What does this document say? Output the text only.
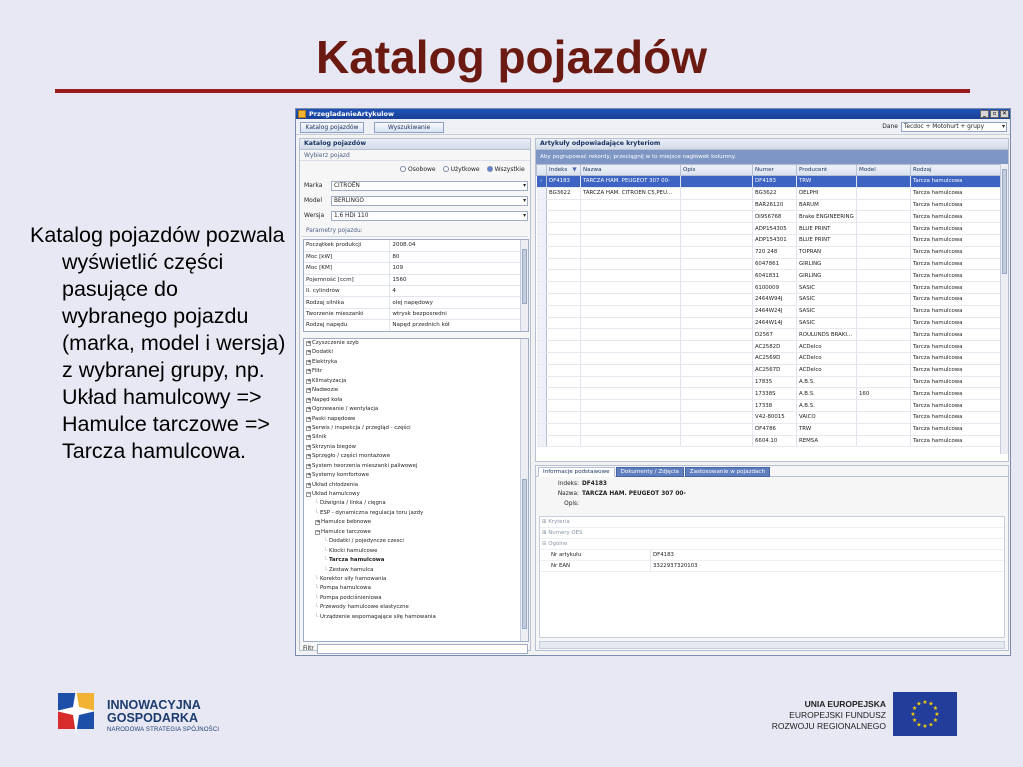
Katalog pojazdów
Katalog pojazdów pozwala wyświetlić części pasujące do wybranego pojazdu (marka, model i wersja) z wybranej grupy, np. Układ hamulcowy => Hamulce tarczowe => Tarcza hamulcowa.
PrzegladanieArtykulow	_	▫ ✕
Katalog pojazdów	Wyszukiwanie	Dane	Tecdoc + Motohurt + grupy	▾
Katalog pojazdów
Wybierz pojazd
Osobowe	Użytkowe	Wszystkie
Marka	CITROËN	▾
Model	BERLINGO	▾
Wersja	1.6 HDi 110	▾
Parametry pojazdu:
Początkek produkcji	2008.04
Moc [kW]	80
Moc [KM]	109
Pojemność [ccm]	1560
Il. cylindrów	4
Rodzaj silnika	olej napędowy
Tworzenie mieszanki	wtrysk bezposredni
Rodzaj napędu	Napęd przednich kół
+Czyszczenie szyb
+Dodatki
+Elektryka
+Filtr
+Klimatyzacja
+Nadwozie
+Napęd koła
+Ogrzewanie / wentylacja
+Paski napędowe
+Serwis / inspekcja / przegląd - części
+Silnik
+Skrzynia biegów
+Sprzęgło / części montażowe
+System tworzenia mieszanki paliwowej
+Systemy komfortowe
+Układ chłodzenia
−Układ hamulcowy
└ Dźwignia / linka / cięgna
└ ESP - dynamiczna regulacja toru jazdy
+Hamulce bebnowe
−Hamulce tarczowe
└ Dodatki / pojedyncze czesci
└ Klocki hamulcowe
└ Tarcza hamulcowa
└ Zestaw hamulca
└ Korektor siły hamowania
└ Pompa hamulcowa
└ Pompa podciśnieniowa
└ Przewody hamulcowe elastyczne
└ Urządzenie wspomagające siłę hamowania
Filtr
Artykuły odpowiadające kryteriom
Aby pogrupować rekordy, przeciągnij w to miejsce nagłówek kolumny.
	Indeks ▼	Nazwa	Opis	Numer	Producent	Model	Rodzaj
›	DF4183	TARCZA HAM. PEUGEOT 307 00-		DF4183	TRW		Tarcza hamulcowa
	BG3622	TARCZA HAM. CITROEN C5,PEU...		BG3622	DELPHI		Tarcza hamulcowa
				BAR26120	BARUM		Tarcza hamulcowa
				DI956768	Brake ENGINEERING		Tarcza hamulcowa
				ADP154305	BLUE PRINT		Tarcza hamulcowa
				ADP154301	BLUE PRINT		Tarcza hamulcowa
				720 248	TOPRAN		Tarcza hamulcowa
				6047861	GIRLING		Tarcza hamulcowa
				6041831	GIRLING		Tarcza hamulcowa
				6100009	SASIC		Tarcza hamulcowa
				2464W94J	SASIC		Tarcza hamulcowa
				2464W24J	SASIC		Tarcza hamulcowa
				2464W14J	SASIC		Tarcza hamulcowa
				D2567	ROULUNDS BRAKI...		Tarcza hamulcowa
				AC2582D	ACDelco		Tarcza hamulcowa
				AC2569D	ACDelco		Tarcza hamulcowa
				AC2567D	ACDelco		Tarcza hamulcowa
				17835	A.B.S.		Tarcza hamulcowa
				17338S	A.B.S.	160	Tarcza hamulcowa
				17338	A.B.S.		Tarcza hamulcowa
				V42-80015	VAICO		Tarcza hamulcowa
				DF4786	TRW		Tarcza hamulcowa
				6604.10	REMSA		Tarcza hamulcowa
Informacje podstawowe	Dokumenty / Zdjęcia	Zastosowanie w pojazdach
Indeks: DF4183
Nazwa: TARCZA HAM. PEUGEOT 307 00-
Opis:
⊞ Kryteria
⊞ Numery OES
⊟ Ogólne
Nr artykułu	DF4183
Nr EAN	3322937320103
INNOWACYJNA
GOSPODARKA
NARODOWA STRATEGIA SPÓJNOŚCI
UNIA EUROPEJSKA
EUROPEJSKI FUNDUSZ
ROZWOJU REGIONALNEGO
★ ★
★
★
★
★
★
★
★
★
★
★
